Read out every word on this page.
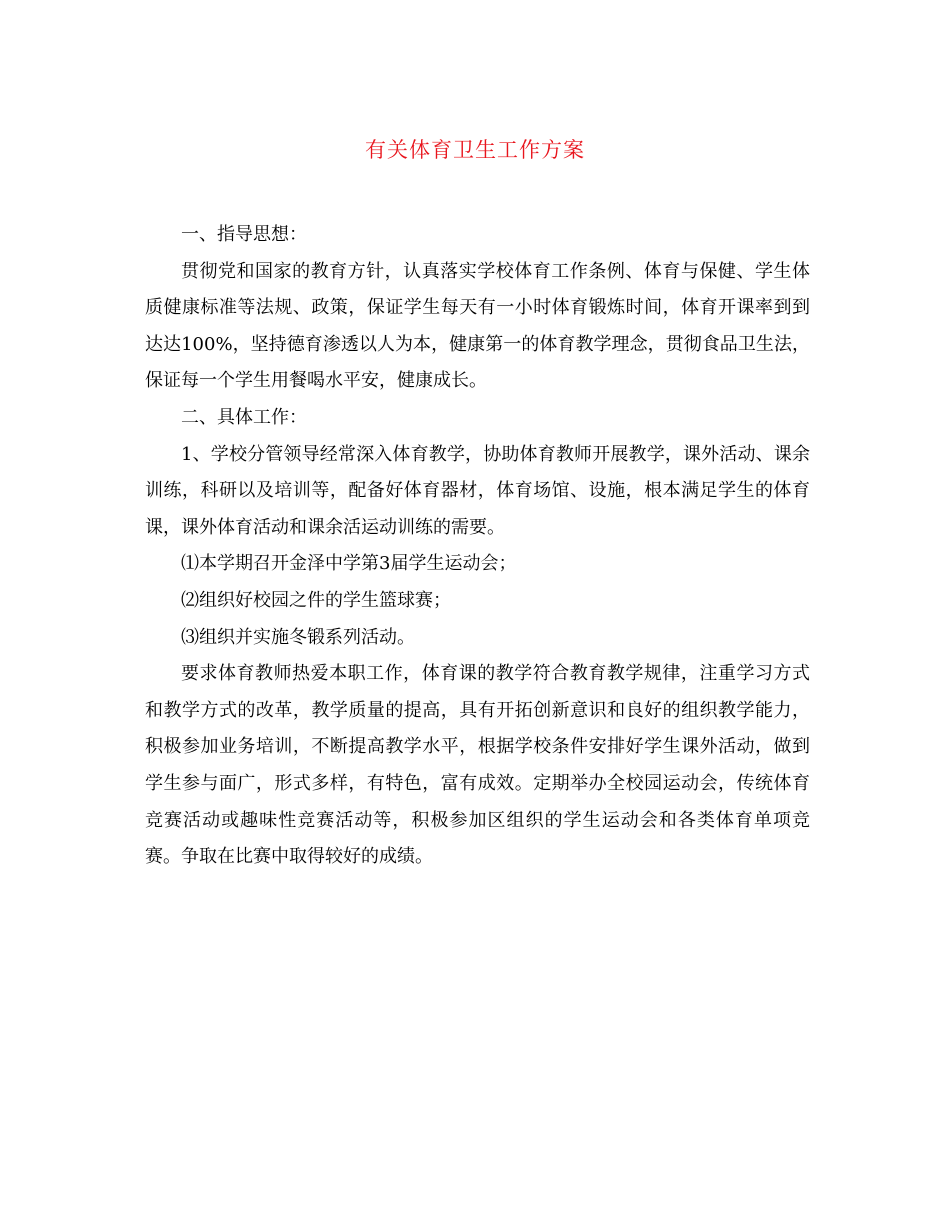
有关体育卫生工作方案

一、指导思想：

贯彻党和国家的教育方针，认真落实学校体育工作条例、体育与保健、学生体质健康标准等法规、政策，保证学生每天有一小时体育锻炼时间，体育开课率到到达达100%，坚持德育渗透以人为本，健康第一的体育教学理念，贯彻食品卫生法，保证每一个学生用餐喝水平安，健康成长。

二、具体工作：

1、学校分管领导经常深入体育教学，协助体育教师开展教学，课外活动、课余训练，科研以及培训等，配备好体育器材，体育场馆、设施，根本满足学生的体育课，课外体育活动和课余活运动训练的需要。

⑴本学期召开金泽中学第3届学生运动会；

⑵组织好校园之件的学生篮球赛；

⑶组织并实施冬锻系列活动。

要求体育教师热爱本职工作，体育课的教学符合教育教学规律，注重学习方式和教学方式的改革，教学质量的提高，具有开拓创新意识和良好的组织教学能力，积极参加业务培训，不断提高教学水平，根据学校条件安排好学生课外活动，做到学生参与面广，形式多样，有特色，富有成效。定期举办全校园运动会，传统体育竞赛活动或趣味性竞赛活动等，积极参加区组织的学生运动会和各类体育单项竞赛。争取在比赛中取得较好的成绩。
